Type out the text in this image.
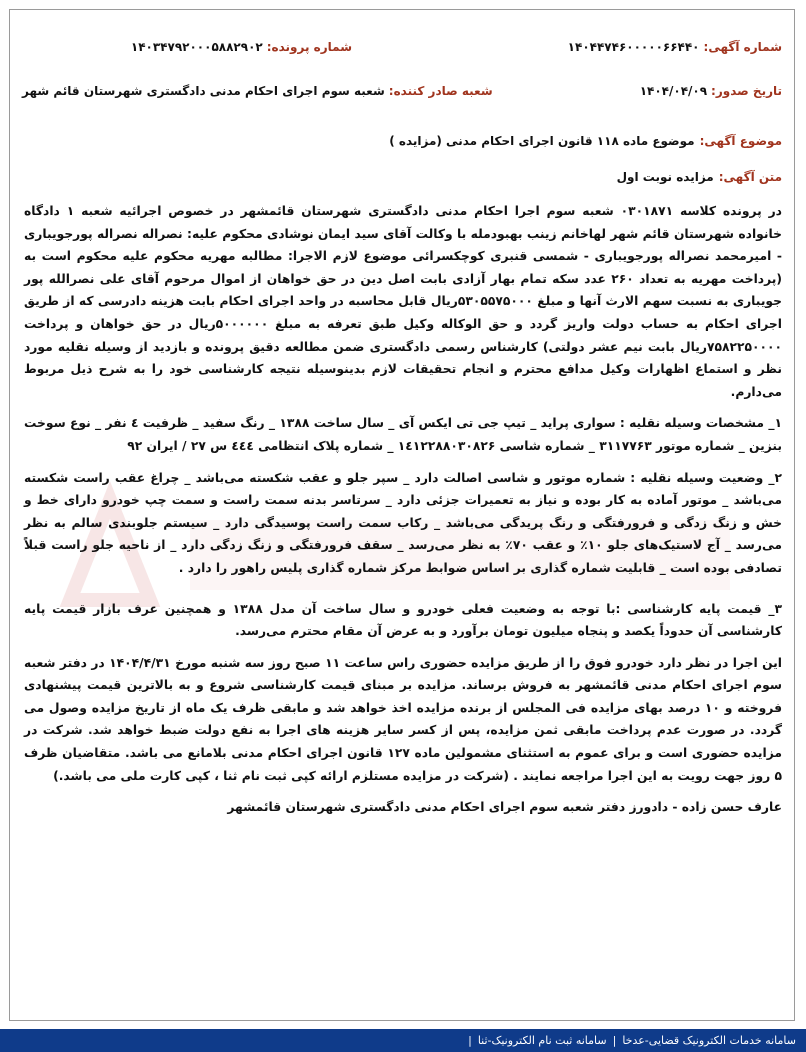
شماره آگهی:
۱۴۰۴۴۷۴۶۰۰۰۰۰۶۶۴۴۰
شماره پرونده:
۱۴۰۳۴۷۹۲۰۰۰۵۸۸۲۹۰۲
تاریخ صدور:
۱۴۰۴/۰۴/۰۹
شعبه صادر کننده:
شعبه سوم اجرای احکام مدنی دادگستری شهرستان قائم شهر
موضوع آگهی:
موضوع ماده ۱۱۸ قانون اجرای احکام مدنی (مزایده )
متن آگهی:
مزایده نوبت اول

در پرونده کلاسه ۰۳۰۱۸۷۱ شعبه سوم اجرا احکام مدنی دادگستری شهرستان قائمشهر در خصوص اجرائیه شعبه ۱ دادگاه خانواده شهرستان قائم شهر لهاخانم زینب بهبودمله با وکالت آقای سید ایمان نوشادی محکوم علیه: نصراله نصراله پورجویباری - امیرمحمد نصراله پورجویباری - شمسی قنبری کوچکسرائی موضوع لازم الاجرا: مطالبه مهریه محکوم علیه محکوم است به (پرداخت مهریه به تعداد ۲۶۰ عدد سکه تمام بهار آزادی بابت اصل دین در حق خواهان از اموال مرحوم آقای علی نصرالله پور جویباری به نسبت سهم الارث آنها و مبلغ ۵۳۰۵۵۷۵۰۰۰ریال قابل محاسبه در واحد اجرای احکام بابت هزینه دادرسی که از طریق اجرای احکام به حساب دولت واریز گردد و حق الوکاله وکیل طبق تعرفه به مبلغ ۵۰۰۰۰۰۰ریال در حق خواهان و پرداخت ۷۵۸۲۲۵۰۰۰۰ریال بابت نیم عشر دولتی) کارشناس رسمی دادگستری ضمن مطالعه دقیق پرونده و بازدید از وسیله نقلیه مورد نظر و استماع اظهارات وکیل مدافع محترم و انجام تحقیقات لازم بدینوسیله نتیجه کارشناسی خود را به شرح ذیل مربوط می‌دارم.

۱_ مشخصات وسیله نقلیه : سواری پراید _ تیپ جی تی ایکس آی _ سال ساخت ۱۳۸۸ _ رنگ سفید _ ظرفیت ٤ نفر _ نوع سوخت بنزین _ شماره موتور ۳۱۱۷۷۶۳ _ شماره شاسی ۱٤۱۲۲۸۸۰۳۰۸۲۶ _ شماره پلاک انتظامی ٤٤٤ س ۲۷ / ایران ۹۲

۲_ وضعیت وسیله نقلیه : شماره موتور و شاسی اصالت دارد _ سپر جلو و عقب شکسته می‌باشد _ چراغ عقب راست شکسته می‌باشد _ موتور آماده به کار بوده و نیاز به تعمیرات جزئی دارد _ سرتاسر بدنه سمت راست و سمت چپ خودرو دارای خط و خش و زنگ زدگی و فرورفتگی و رنگ پریدگی می‌باشد _ رکاب سمت راست پوسیدگی دارد _ سیستم جلوبندی سالم به نظر می‌رسد _ آج لاستیک‌های جلو ۱۰٪ و عقب ۷۰٪ به نظر می‌رسد _ سقف فرورفتگی و زنگ زدگی دارد _ از ناحیه جلو راست قبلاً تصادفی بوده است _ قابلیت شماره گذاری بر اساس ضوابط مرکز شماره گذاری پلیس راهور را دارد .

۳_ قیمت پایه کارشناسی :با توجه به وضعیت فعلی خودرو و سال ساخت آن مدل ۱۳۸۸ و همچنین عرف بازار قیمت پایه کارشناسی آن حدوداً یکصد و پنجاه میلیون تومان برآورد و به عرض آن مقام محترم می‌رسد.

این اجرا در نظر دارد خودرو فوق را از طریق مزایده حضوری راس ساعت ۱۱ صبح روز سه شنبه مورخ ۱۴۰۴/۴/۳۱ در دفتر شعبه سوم اجرای احکام مدنی قائمشهر به فروش برساند. مزایده بر مبنای قیمت کارشناسی شروع و به بالاترین قیمت پیشنهادی فروخته و ۱۰ درصد بهای مزایده فی المجلس از برنده مزایده اخذ خواهد شد و مابقی ظرف یک ماه از تاریخ مزایده وصول می گردد. در صورت عدم پرداخت مابقی ثمن مزایده، پس از کسر سایر هزینه های اجرا به نفع دولت ضبط خواهد شد. شرکت در مزایده حضوری است و برای عموم به استثنای مشمولین ماده ۱۲۷ قانون اجرای احکام مدنی بلامانع می باشد. متقاضیان ظرف ۵ روز جهت رویت به این اجرا مراجعه نمایند . (شرکت در مزایده مستلزم ارائه کپی ثبت نام ثنا ، کپی کارت ملی می باشد.)

عارف حسن زاده - دادورز دفتر شعبه سوم اجرای احکام مدنی دادگستری شهرستان قائمشهر

سامانه خدمات الکترونیک قضایی-عدخا
|
سامانه ثبت نام الکترونیک-ثنا
|
